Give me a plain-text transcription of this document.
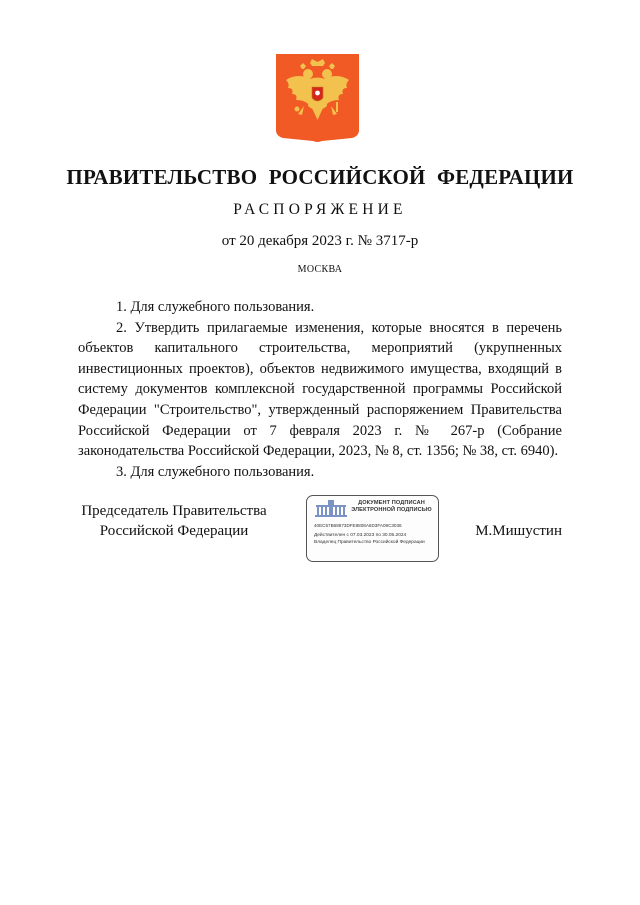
ПРАВИТЕЛЬСТВО РОССИЙСКОЙ ФЕДЕРАЦИИ
РАСПОРЯЖЕНИЕ
от 20 декабря 2023 г. № 3717-р
МОСКВА

1. Для служебного пользования.

2. Утвердить прилагаемые изменения, которые вносятся в перечень объектов капитального строительства, мероприятий (укрупненных инвестиционных проектов), объектов недвижимого имущества, входящий в систему документов комплексной государственной программы Российской Федерации "Строительство", утвержденный распоряжением Правительства Российской Федерации от 7 февраля 2023 г. № 267-р (Собрание законодательства Российской Федерации, 2023, № 8, ст. 1356; № 38, ст. 6940).

3. Для служебного пользования.

Председатель Правительства
Российской Федерации
ДОКУМЕНТ ПОДПИСАН
ЭЛЕКТРОННОЙ ПОДПИСЬЮ
40EC57B68873DFE8808A6D3FA09C3036
Действителен с 07.03.2023 по 30.05.2024
Владелец Правительство Российской Федерации
М.Мишустин
